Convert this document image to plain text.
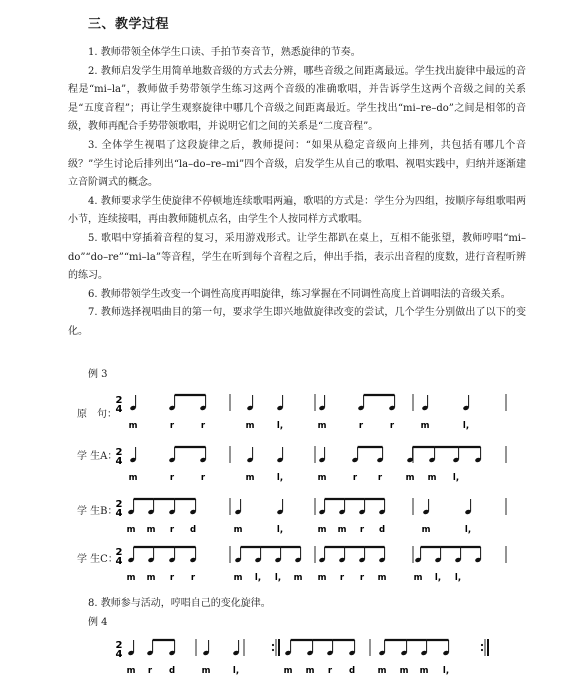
三、教学过程

1. 教师带领全体学生口读、手拍节奏音节，熟悉旋律的节奏。

2. 教师启发学生用简单地数音级的方式去分辨，哪些音级之间距离最远。学生找出旋律中最远的音程是“mi–la”，教师做手势带领学生练习这两个音级的准确歌唱，并告诉学生这两个音级之间的关系是“五度音程”；再让学生观察旋律中哪几个音级之间距离最近。学生找出“mi–re–do”之间是相邻的音级，教师再配合手势带领歌唱，并说明它们之间的关系是“二度音程”。

3. 全体学生视唱了这段旋律之后，教师提问：“如果从稳定音级向上排列，共包括有哪几个音级？”学生讨论后排列出“la–do–re–mi”四个音级，启发学生从自己的歌唱、视唱实践中，归纳并逐渐建立音阶调式的概念。

4. 教师要求学生使旋律不停顿地连续歌唱两遍，歌唱的方式是：学生分为四组，按顺序每组歌唱两小节，连续接唱，再由教师随机点名，由学生个人按同样方式歌唱。

5. 歌唱中穿插着音程的复习，采用游戏形式。让学生都趴在桌上，互相不能张望，教师哼唱“mi–do”“do–re”“mi–la”等音程，学生在听到每个音程之后，伸出手指，表示出音程的度数，进行音程听辨的练习。

6. 教师带领学生改变一个调性高度再唱旋律，练习掌握在不同调性高度上首调唱法的音级关系。

7. 教师选择视唱曲目的第一句，要求学生即兴地做旋律改变的尝试，几个学生分别做出了以下的变化。

例 3
原　句：
学 生A：
学 生B：
学 生C：
8. 教师参与活动，哼唱自己的变化旋律。
例 4
2
4
m	r	r	m	l,	m	r	r	m	l,
2
4
m	r	r	m	l,	m	r r	m m l,
2
4
m m r d	m	l,	m m r d	m	l,
2
4
m m r r	m l, l, m m r r m	m l, l,
2
4
m r d	m	l,	m m r d	m m m l,
